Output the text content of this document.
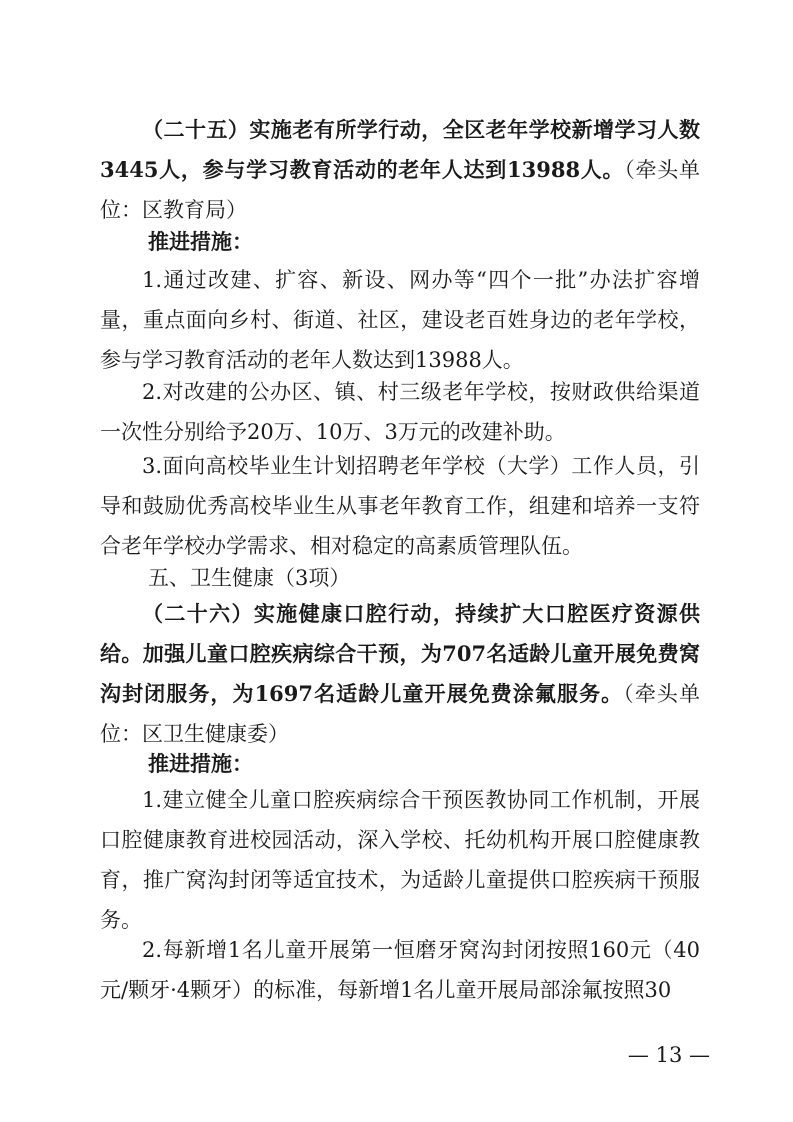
（二十五）实施老有所学行动，全区老年学校新增学习人数3445人，参与学习教育活动的老年人达到13988人。（牵头单位：区教育局）

推进措施：

1.通过改建、扩容、新设、网办等“四个一批”办法扩容增量，重点面向乡村、街道、社区，建设老百姓身边的老年学校，参与学习教育活动的老年人数达到13988人。

2.对改建的公办区、镇、村三级老年学校，按财政供给渠道一次性分别给予20万、10万、3万元的改建补助。

3.面向高校毕业生计划招聘老年学校（大学）工作人员，引导和鼓励优秀高校毕业生从事老年教育工作，组建和培养一支符合老年学校办学需求、相对稳定的高素质管理队伍。

五、卫生健康（3项）

（二十六）实施健康口腔行动，持续扩大口腔医疗资源供给。加强儿童口腔疾病综合干预，为707名适龄儿童开展免费窝沟封闭服务，为1697名适龄儿童开展免费涂氟服务。（牵头单位：区卫生健康委）

推进措施：

1.建立健全儿童口腔疾病综合干预医教协同工作机制，开展口腔健康教育进校园活动，深入学校、托幼机构开展口腔健康教育，推广窝沟封闭等适宜技术，为适龄儿童提供口腔疾病干预服务。

2.每新增1名儿童开展第一恒磨牙窝沟封闭按照160元（40元/颗牙·4颗牙）的标准，每新增1名儿童开展局部涂氟按照30

— 13 —
